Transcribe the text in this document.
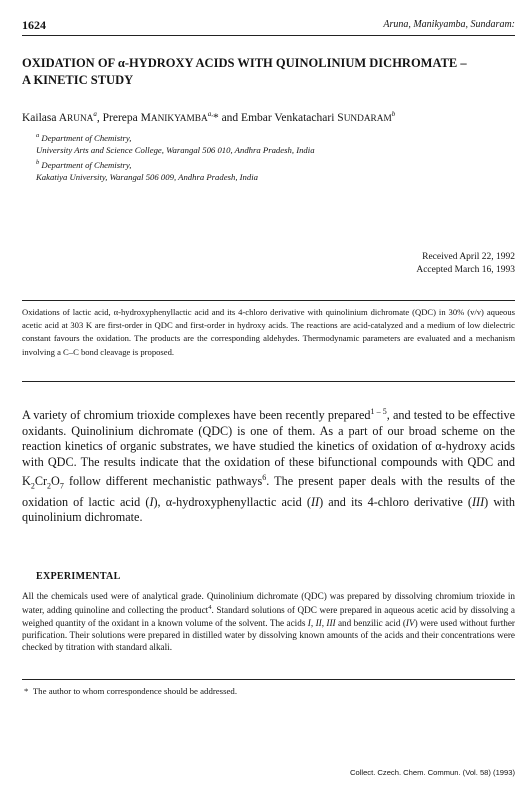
1624	Aruna, Manikyamba, Sundaram:
OXIDATION OF α-HYDROXY ACIDS WITH QUINOLINIUM DICHROMATE –
A KINETIC STUDY
Kailasa ARUNA$^a$, Prerepa $MANIKYAMBA^{a,}*$ and Embar Venkatachari SUNDARAM$^b$
$^a$ Department of Chemistry,
University Arts and Science College, Warangal 506 010, Andhra Pradesh, India
$^b$ Department of Chemistry,
Kakatiya University, Warangal 506 009, Andhra Pradesh, India
Received April 22, 1992
Accepted March 16, 1993

Oxidations of lactic acid, α-hydroxyphenyllactic acid and its 4-chloro derivative with quinolinium dichromate (QDC) in 30% (v/v) aqueous acetic acid at 303 K are first-order in QDC and first-order in hydroxy acids. The reactions are acid-catalyzed and a medium of low dielectric constant favours the oxidation. The products are the corresponding aldehydes. Thermodynamic parameters are evaluated and a mechanism involving a C–C bond cleavage is proposed.

A variety of chromium trioxide complexes have been recently prepared$^{1 - 5}$, and tested to be effective oxidants. Quinolinium dichromate (QDC) is one of them. As a part of our broad scheme on the reaction kinetics of organic substrates, we have studied the kinetics of oxidation of α-hydroxy acids with QDC. The results indicate that the oxidation of these bifunctional compounds with QDC and $K_2Cr_2O_7$ follow different mechanistic pathways$^6$. The present paper deals with the results of the oxidation of lactic acid (I), α-hydroxyphenyllactic acid (II) and its 4-chloro derivative (III) with quinolinium dichromate.

EXPERIMENTAL

All the chemicals used were of analytical grade. Quinolinium dichromate (QDC) was prepared by dissolving chromium trioxide in water, adding quinoline and collecting the product$^4$. Standard solutions of QDC were prepared in aqueous acetic acid by dissolving a weighed quantity of the oxidant in a known volume of the solvent. The acids I, II, III and benzilic acid (IV) were used without further purification. Their solutions were prepared in distilled water by dissolving known amounts of the acids and their concentrations were checked by titration with standard alkali.

* The author to whom correspondence should be addressed.
Collect. Czech. Chem. Commun. (Vol. 58) (1993)
